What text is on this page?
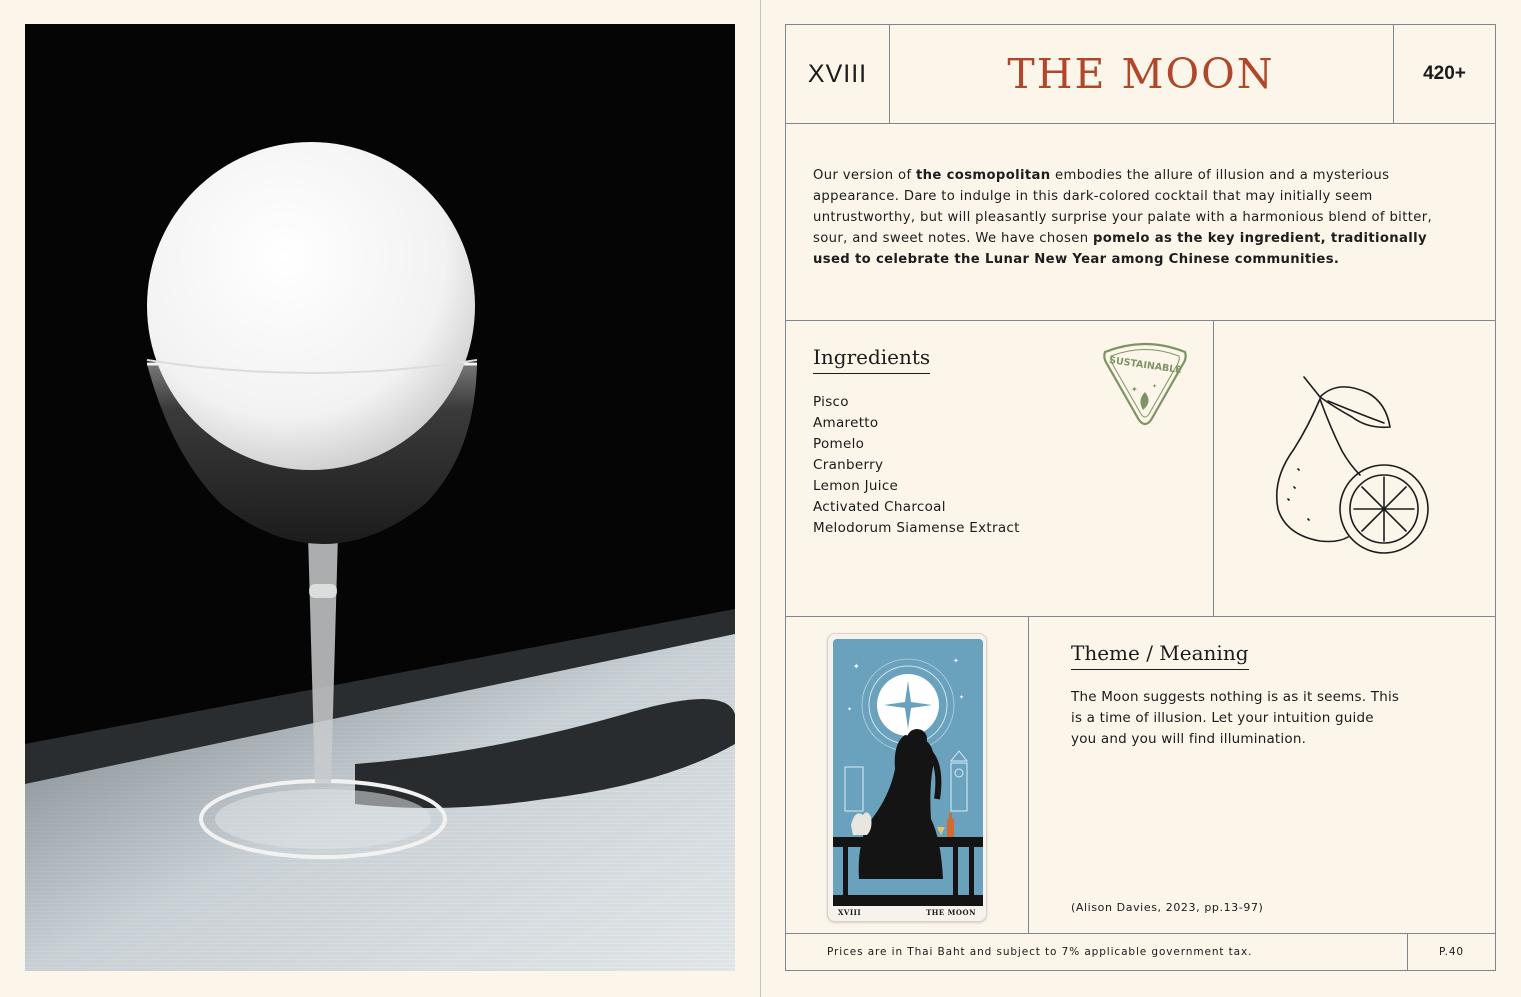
XVIII	THE MOON	420+

Our version of the cosmopolitan embodies the allure of illusion and a mysterious appearance. Dare to indulge in this dark-colored cocktail that may initially seem untrustworthy, but will pleasantly surprise your palate with a harmonious blend of bitter, sour, and sweet notes. We have chosen pomelo as the key ingredient, traditionally used to celebrate the Lunar New Year among Chinese communities.

Ingredients
Pisco
Amaretto
Pomelo
Cranberry
Lemon Juice
Activated Charcoal
Melodorum Siamense Extract
SUSTAINABLE
✦ ✦
✦
✦
✦
✦
XVIII	THE MOON
Theme / Meaning

The Moon suggests nothing is as it seems. This is a time of illusion. Let your intuition guide you and you will find illumination.

(Alison Davies, 2023, pp.13-97)
Prices are in Thai Baht and subject to 7% applicable government tax.	P.40
